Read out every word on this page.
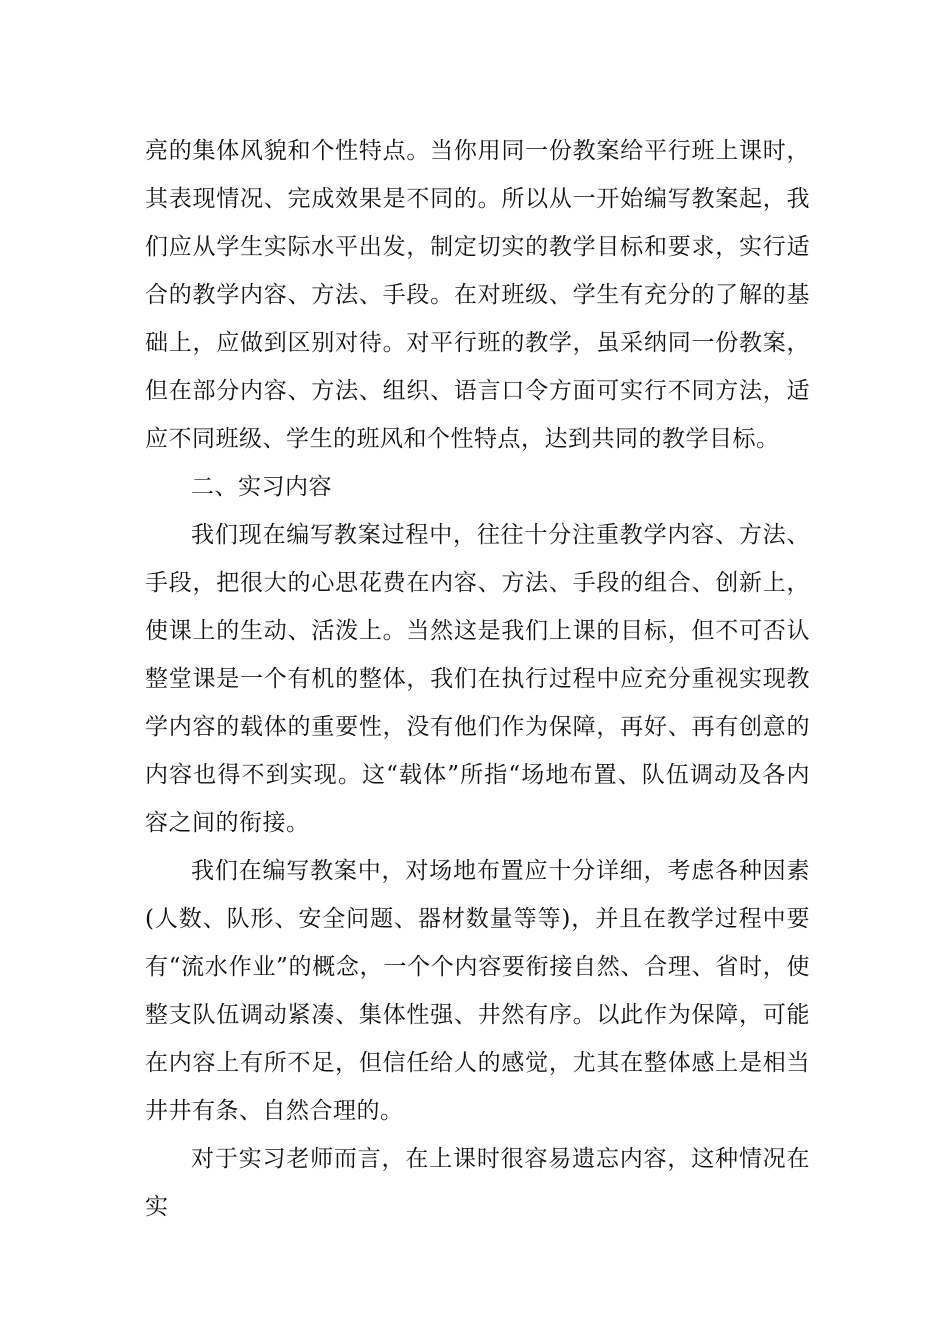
亮的集体风貌和个性特点。当你用同一份教案给平行班上课时，其表现情况、完成效果是不同的。所以从一开始编写教案起，我们应从学生实际水平出发，制定切实的教学目标和要求，实行适合的教学内容、方法、手段。在对班级、学生有充分的了解的基础上，应做到区别对待。对平行班的教学，虽采纳同一份教案，但在部分内容、方法、组织、语言口令方面可实行不同方法，适应不同班级、学生的班风和个性特点，达到共同的教学目标。

二、实习内容

我们现在编写教案过程中，往往十分注重教学内容、方法、手段，把很大的心思花费在内容、方法、手段的组合、创新上，使课上的生动、活泼上。当然这是我们上课的目标，但不可否认整堂课是一个有机的整体，我们在执行过程中应充分重视实现教学内容的载体的重要性，没有他们作为保障，再好、再有创意的内容也得不到实现。这“载体”所指“场地布置、队伍调动及各内容之间的衔接。

我们在编写教案中，对场地布置应十分详细，考虑各种因素(人数、队形、安全问题、器材数量等等)，并且在教学过程中要有“流水作业”的概念，一个个内容要衔接自然、合理、省时，使整支队伍调动紧凑、集体性强、井然有序。以此作为保障，可能在内容上有所不足，但信任给人的感觉，尤其在整体感上是相当井井有条、自然合理的。

对于实习老师而言，在上课时很容易遗忘内容，这种情况在实
